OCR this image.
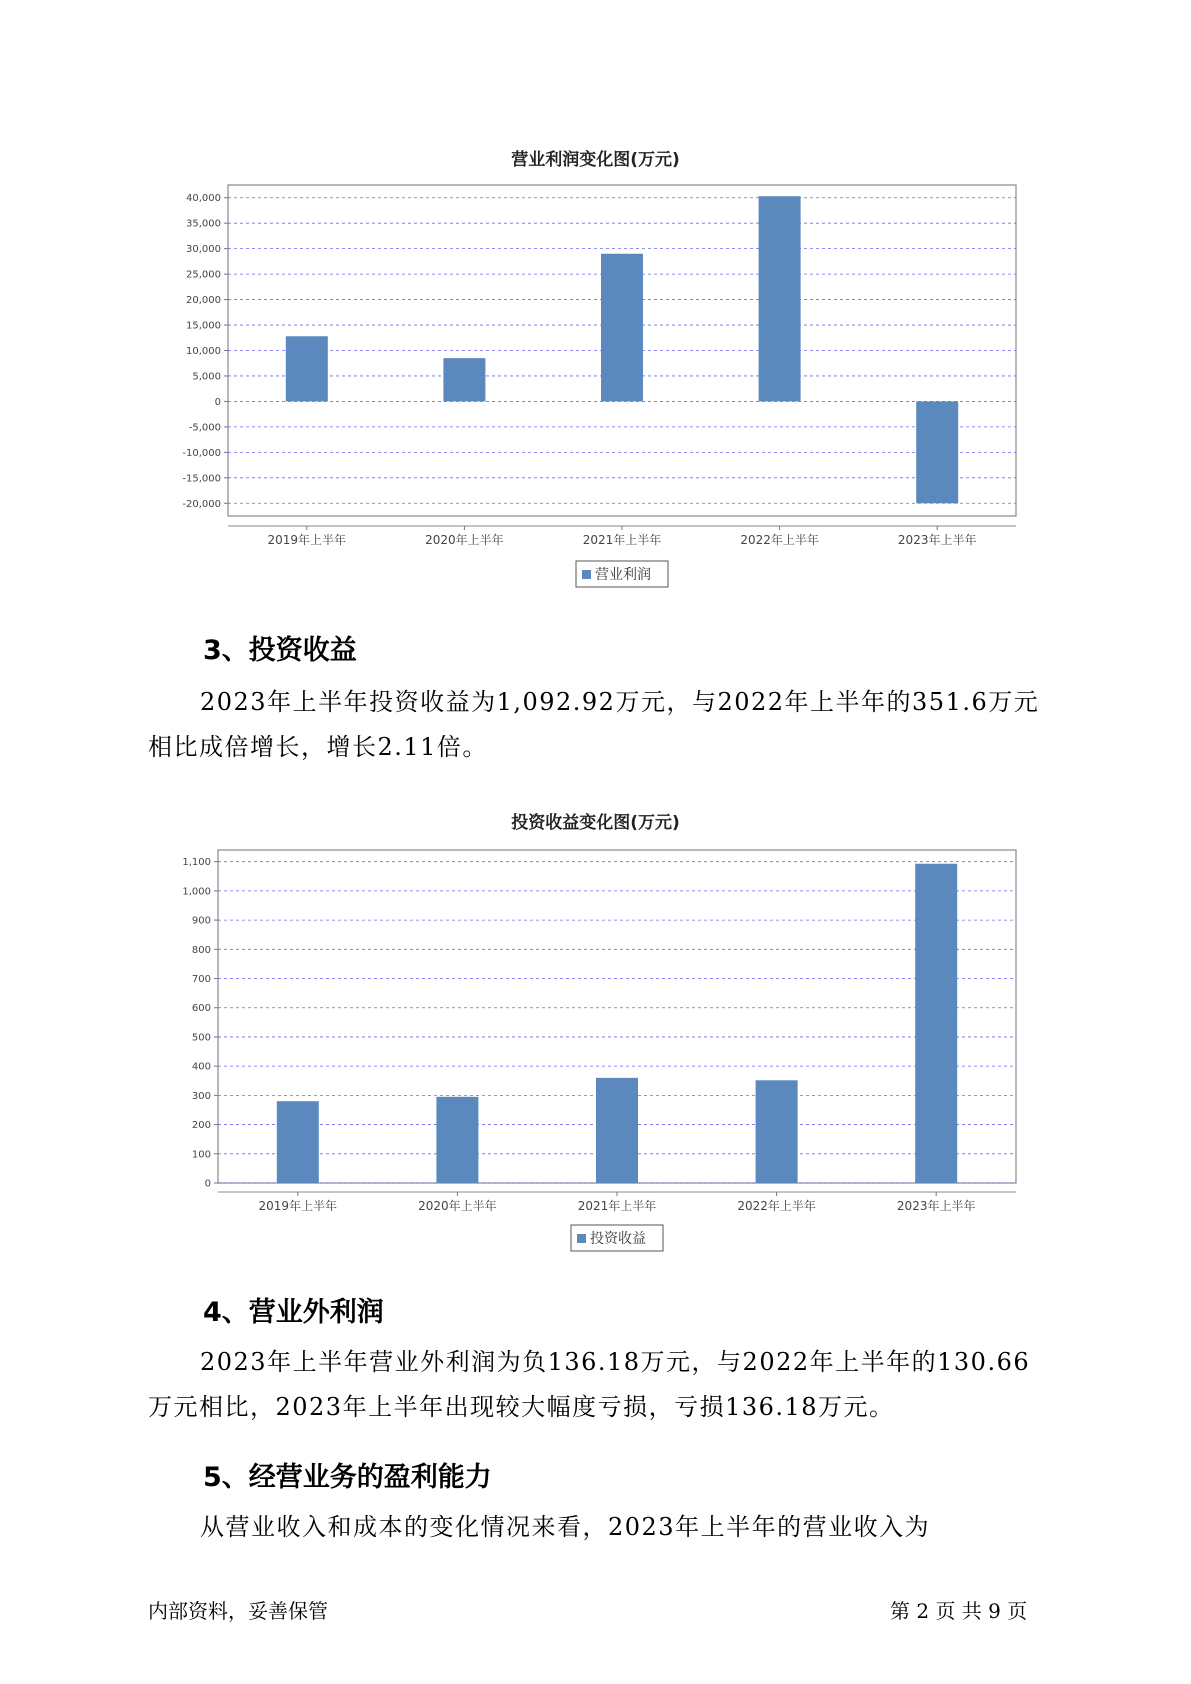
营业利润变化图(万元)
40,000
35,000
30,000
25,000
20,000
15,000
10,000
5,000
0
-5,000
-10,000
-15,000
-20,000
2019年上半年	2020年上半年	2021年上半年	2022年上半年	2023年上半年
营业利润
3、投资收益
2023年上半年投资收益为1,092.92万元，与2022年上半年的351.6万元
相比成倍增长，增长2.11倍。
投资收益变化图(万元)
1,100
1,000
900
800
700
600
500
400
300
200
100
0
2019年上半年	2020年上半年	2021年上半年	2022年上半年	2023年上半年
投资收益
4、营业外利润
2023年上半年营业外利润为负136.18万元，与2022年上半年的130.66
万元相比，2023年上半年出现较大幅度亏损，亏损136.18万元。
5、经营业务的盈利能力
从营业收入和成本的变化情况来看，2023年上半年的营业收入为
内部资料，妥善保管	第 2 页 共 9 页
